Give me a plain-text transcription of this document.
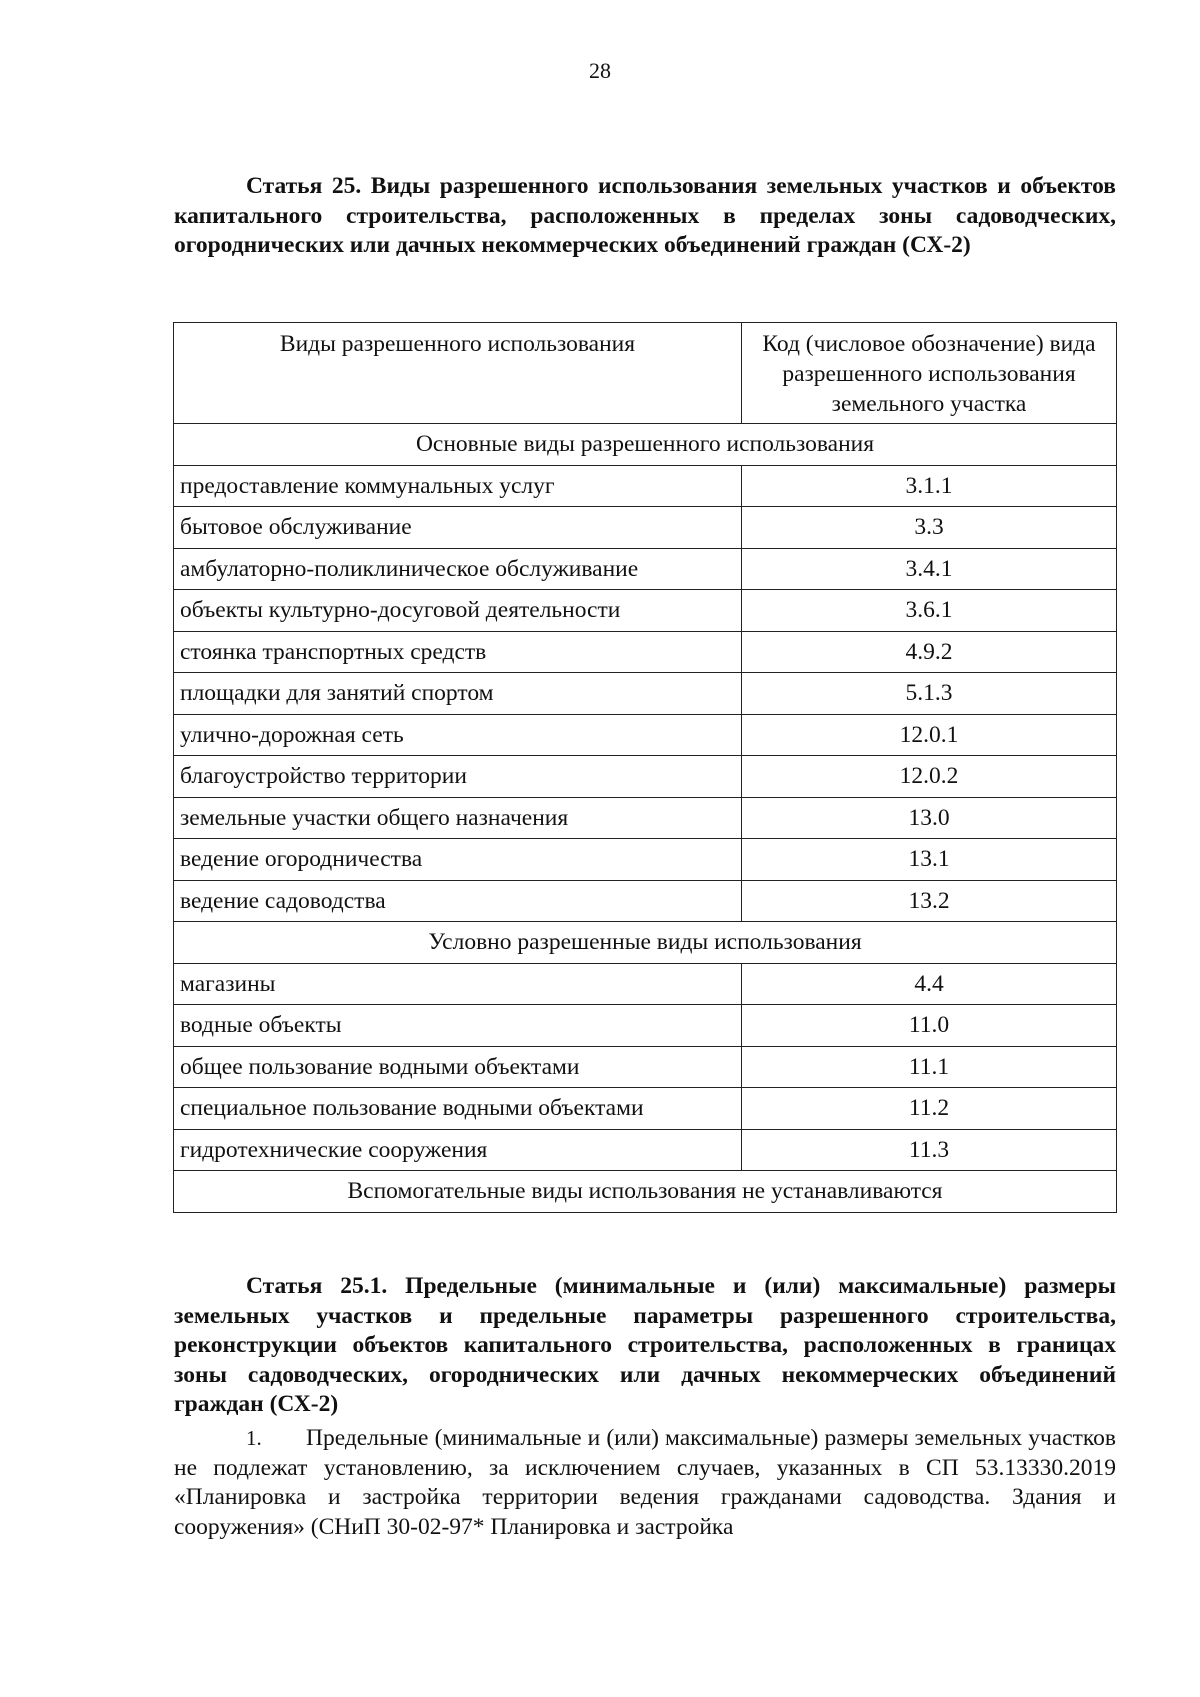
28

Статья 25. Виды разрешенного использования земельных участков и объектов капитального строительства, расположенных в пределах зоны садоводческих, огороднических или дачных некоммерческих объединений граждан (СХ-2)

Виды разрешенного использования	Код (числовое обозначение) вида разрешенного использования земельного участка
Основные виды разрешенного использования	
предоставление коммунальных услуг	3.1.1
бытовое обслуживание	3.3
амбулаторно-поликлиническое обслуживание	3.4.1
объекты культурно-досуговой деятельности	3.6.1
стоянка транспортных средств	4.9.2
площадки для занятий спортом	5.1.3
улично-дорожная сеть	12.0.1
благоустройство территории	12.0.2
земельные участки общего назначения	13.0
ведение огородничества	13.1
ведение садоводства	13.2
Условно разрешенные виды использования	
магазины	4.4
водные объекты	11.0
общее пользование водными объектами	11.1
специальное пользование водными объектами	11.2
гидротехнические сооружения	11.3
Вспомогательные виды использования не устанавливаются	

Статья 25.1. Предельные (минимальные и (или) максимальные) размеры земельных участков и предельные параметры разрешенного строительства, реконструкции объектов капитального строительства, расположенных в границах зоны садоводческих, огороднических или дачных некоммерческих объединений граждан (СХ-2)

1. Предельные (минимальные и (или) максимальные) размеры земельных участков не подлежат установлению, за исключением случаев, указанных в СП 53.13330.2019 «Планировка и застройка территории ведения гражданами садоводства. Здания и сооружения» (СНиП 30-02-97* Планировка и застройка
